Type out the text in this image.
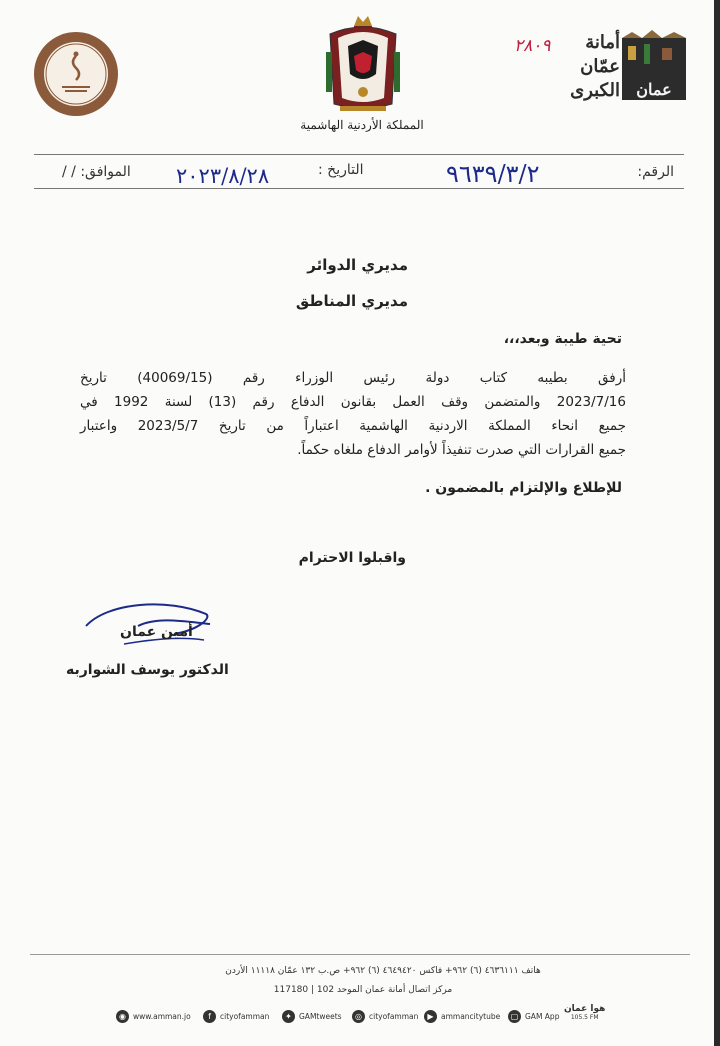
المملكة الأردنية الهاشمية
أمانة
عمّان
الكبرى	عمان
٢٨٠٩
الرقم:
٩٦٣٩/٣/٢
التاريخ :
٢٠٢٣/٨/٢٨
الموافق: / /
مديري الدوائر
مديري المناطق
تحية طيبة وبعد،،،
أرفق بطيبه كتاب دولة رئيس الوزراء رقم (40069/15) تاريخ
2023/7/16 والمتضمن وقف العمل بقانون الدفاع رقم (13) لسنة 1992 في
جميع انحاء المملكة الاردنية الهاشمية اعتباراً من تاريخ 2023/5/7 واعتبار
جميع القرارات التي صدرت تنفيذاً لأوامر الدفاع ملغاه حكماً.
للإطلاع والإلتزام بالمضمون .
واقبلوا الاحترام
أمين عمان
الدكتور يوسف الشواربه
هاتف ٤٦٣٦١١١ (٦) ٩٦٢+ فاكس ٤٦٤٩٤٢٠ (٦) ٩٦٢+ ص.ب ١٣٢ عمّان ١١١١٨ الأردن
مركز اتصال أمانة عمان الموحد 102 | 117180
◉ www.amman.jo	f	cityofamman	✦ GAMtweets	◎ cityofamman	▶ ammancitytube	▢ GAM App
هوا عمان
105.5 FM
